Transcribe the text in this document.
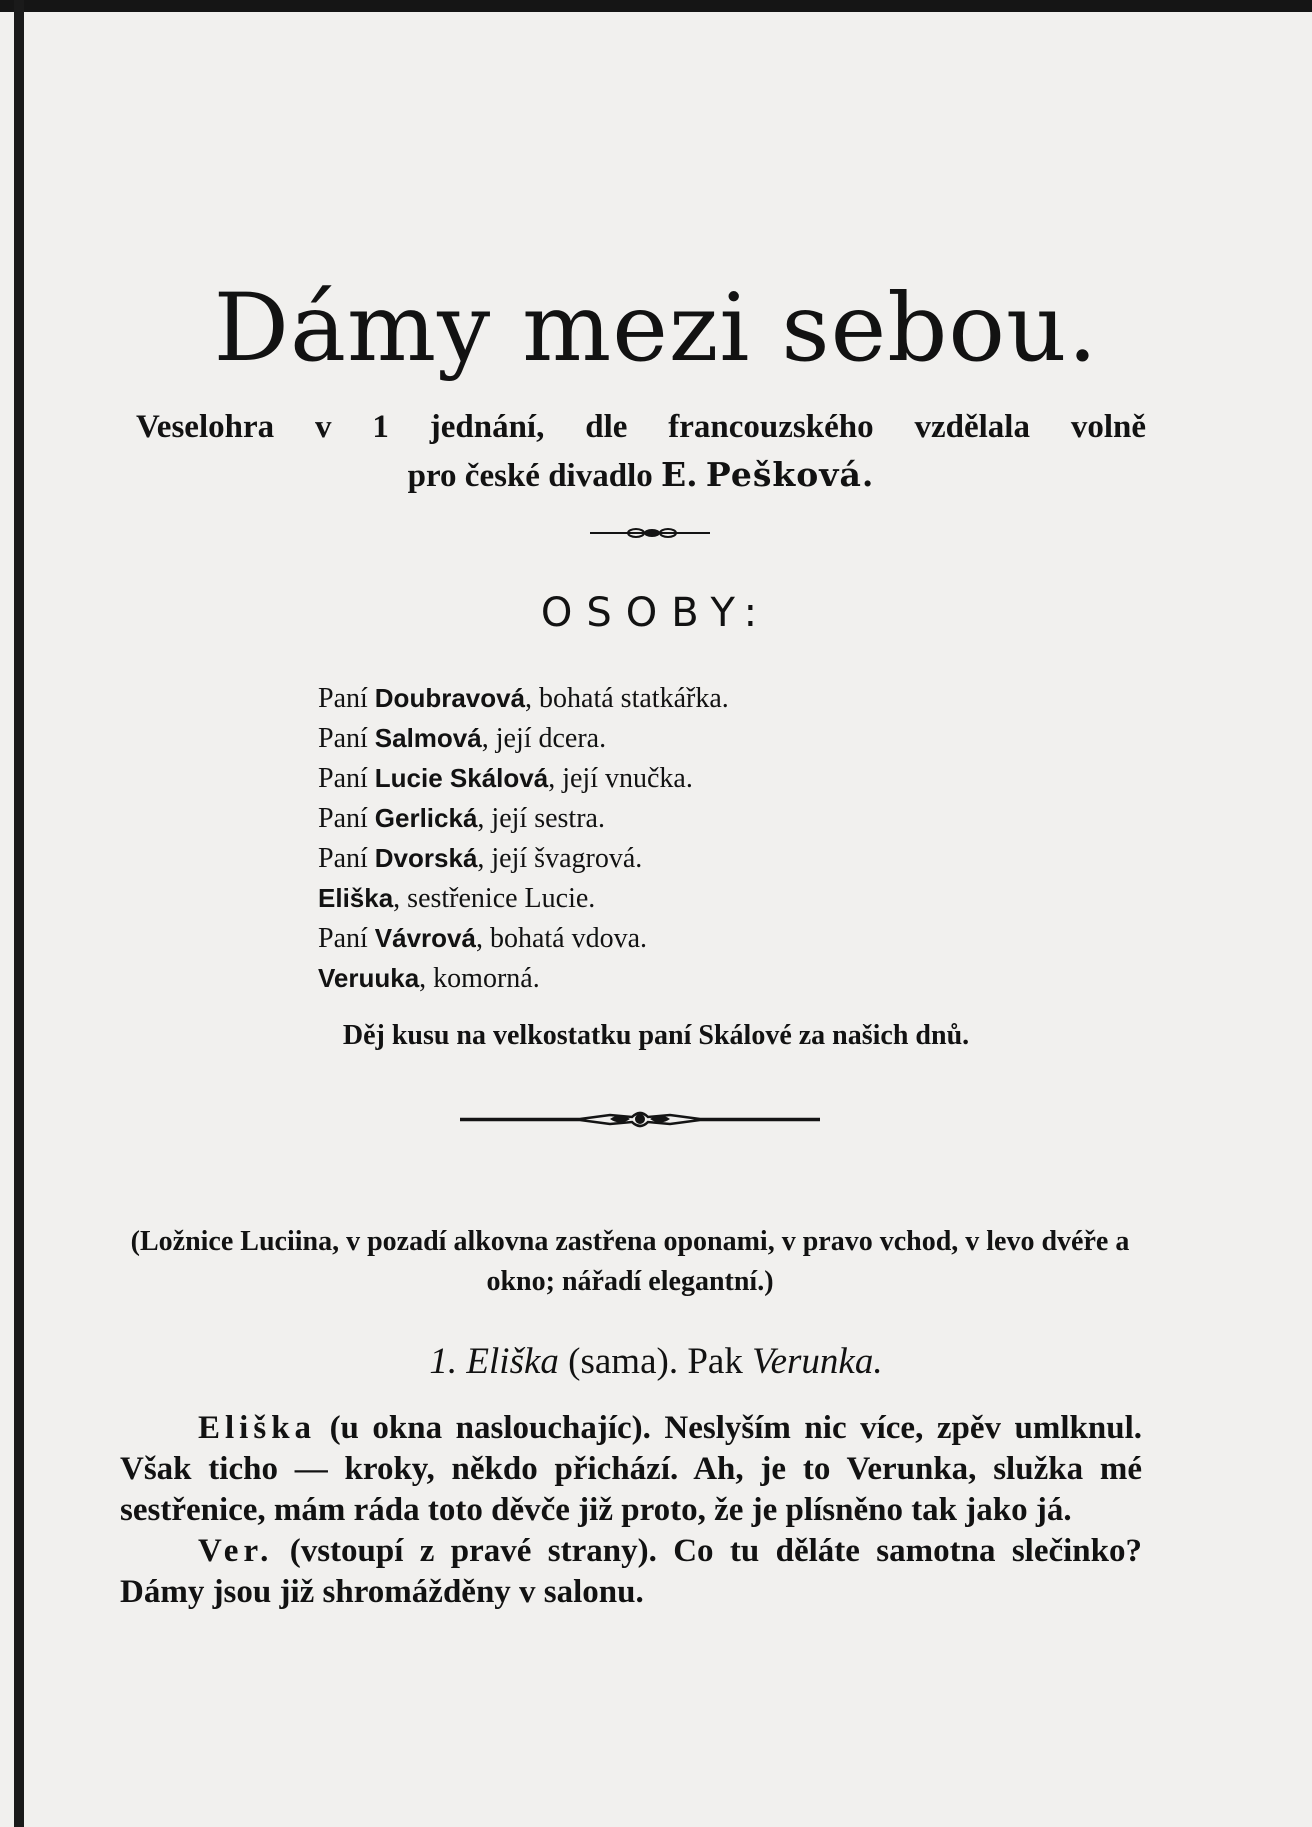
Dámy mezi sebou.
Veselohra v 1 jednání, dle francouzského vzdělala volně
pro české divadlo E. Pešková.
OSOBY:
Paní Doubravová, bohatá statkářka.
Paní Salmová, její dcera.
Paní Lucie Skálová, její vnučka.
Paní Gerlická, její sestra.
Paní Dvorská, její švagrová.
Eliška, sestřenice Lucie.
Paní Vávrová, bohatá vdova.
Veruuka, komorná.

Děj kusu na velkostatku paní Skálové za našich dnů.

(Ložnice Luciina, v pozadí alkovna zastřena oponami, v pravo vchod, v levo dvéře a okno; nářadí elegantní.)

1. Eliška (sama). Pak Verunka.

Eliška (u okna naslouchajíc). Neslyším nic více, zpěv umlknul. Však ticho — kroky, někdo přichází. Ah, je to Verunka, služka mé sestřenice, mám ráda toto děvče již proto, že je plísněno tak jako já.

Ver. (vstoupí z pravé strany). Co tu děláte samotna slečinko? Dámy jsou již shromážděny v salonu.
